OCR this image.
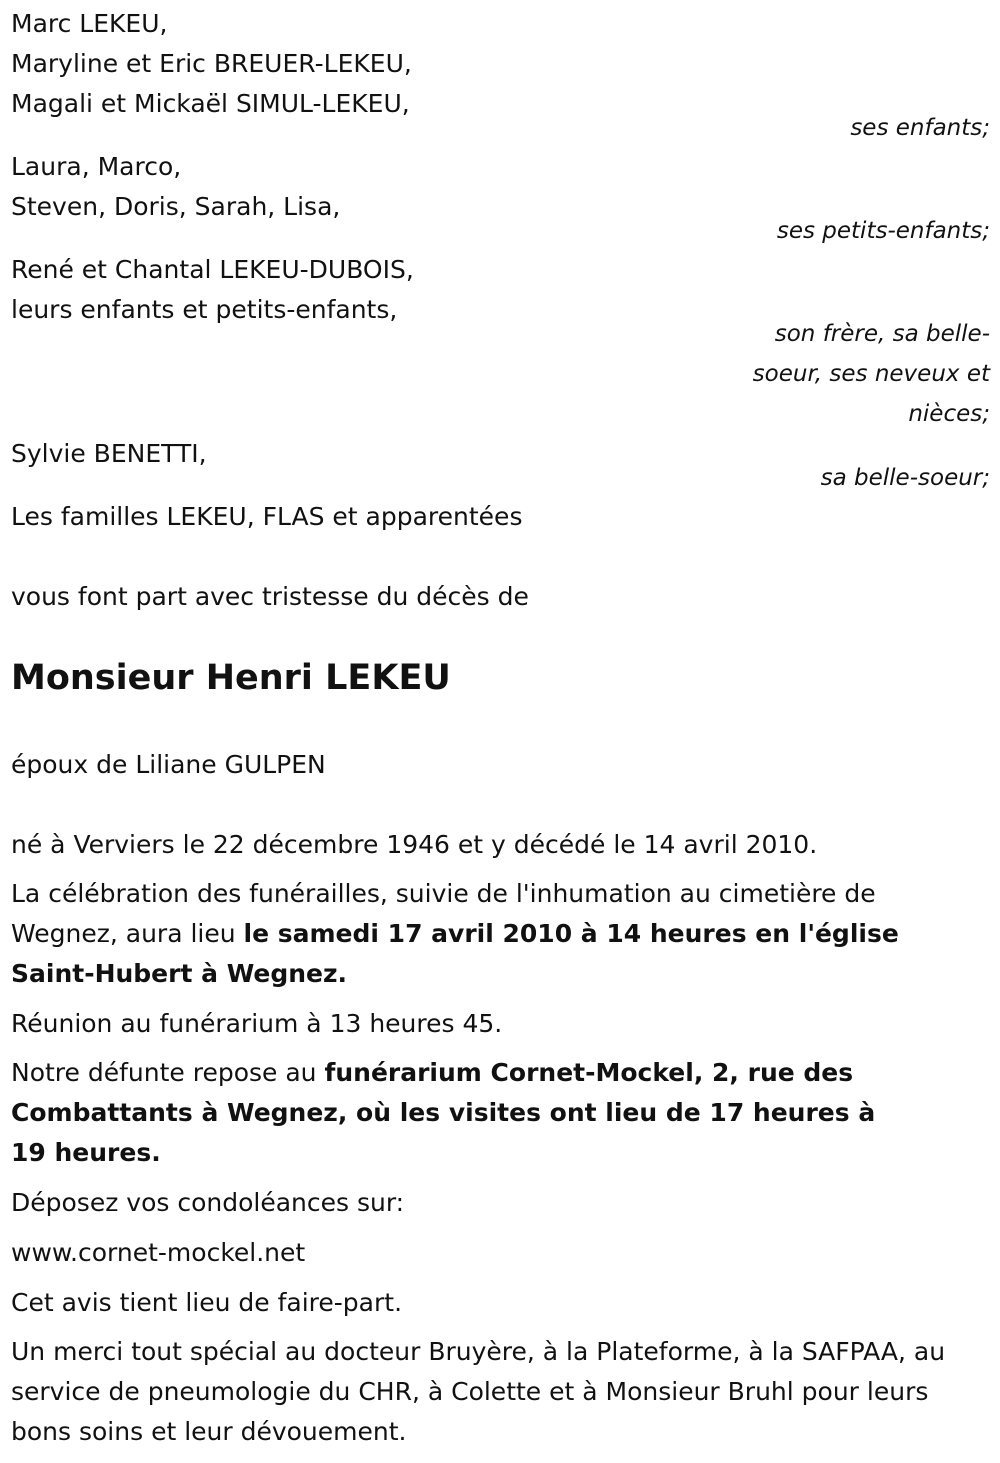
Marc LEKEU,
Maryline et Eric BREUER-LEKEU,
Magali et Mickaël SIMUL-LEKEU,
ses enfants;
Laura, Marco,
Steven, Doris, Sarah, Lisa,
ses petits-enfants;
René et Chantal LEKEU-DUBOIS,
leurs enfants et petits-enfants,
son frère, sa belle-
soeur, ses neveux et
nièces;
Sylvie BENETTI,
sa belle-soeur;
Les familles LEKEU, FLAS et apparentées
vous font part avec tristesse du décès de
Monsieur Henri LEKEU
époux de Liliane GULPEN
né à Verviers le 22 décembre 1946 et y décédé le 14 avril 2010.
La célébration des funérailles, suivie de l'inhumation au cimetière de Wegnez, aura lieu le samedi 17 avril 2010 à 14 heures en l'église Saint-Hubert à Wegnez.
Réunion au funérarium à 13 heures 45.
Notre défunte repose au funérarium Cornet-Mockel, 2, rue des Combattants à Wegnez, où les visites ont lieu de 17 heures à 19 heures.
Déposez vos condoléances sur:
www.cornet-mockel.net
Cet avis tient lieu de faire-part.
Un merci tout spécial au docteur Bruyère, à la Plateforme, à la SAFPAA, au service de pneumologie du CHR, à Colette et à Monsieur Bruhl pour leurs bons soins et leur dévouement.
